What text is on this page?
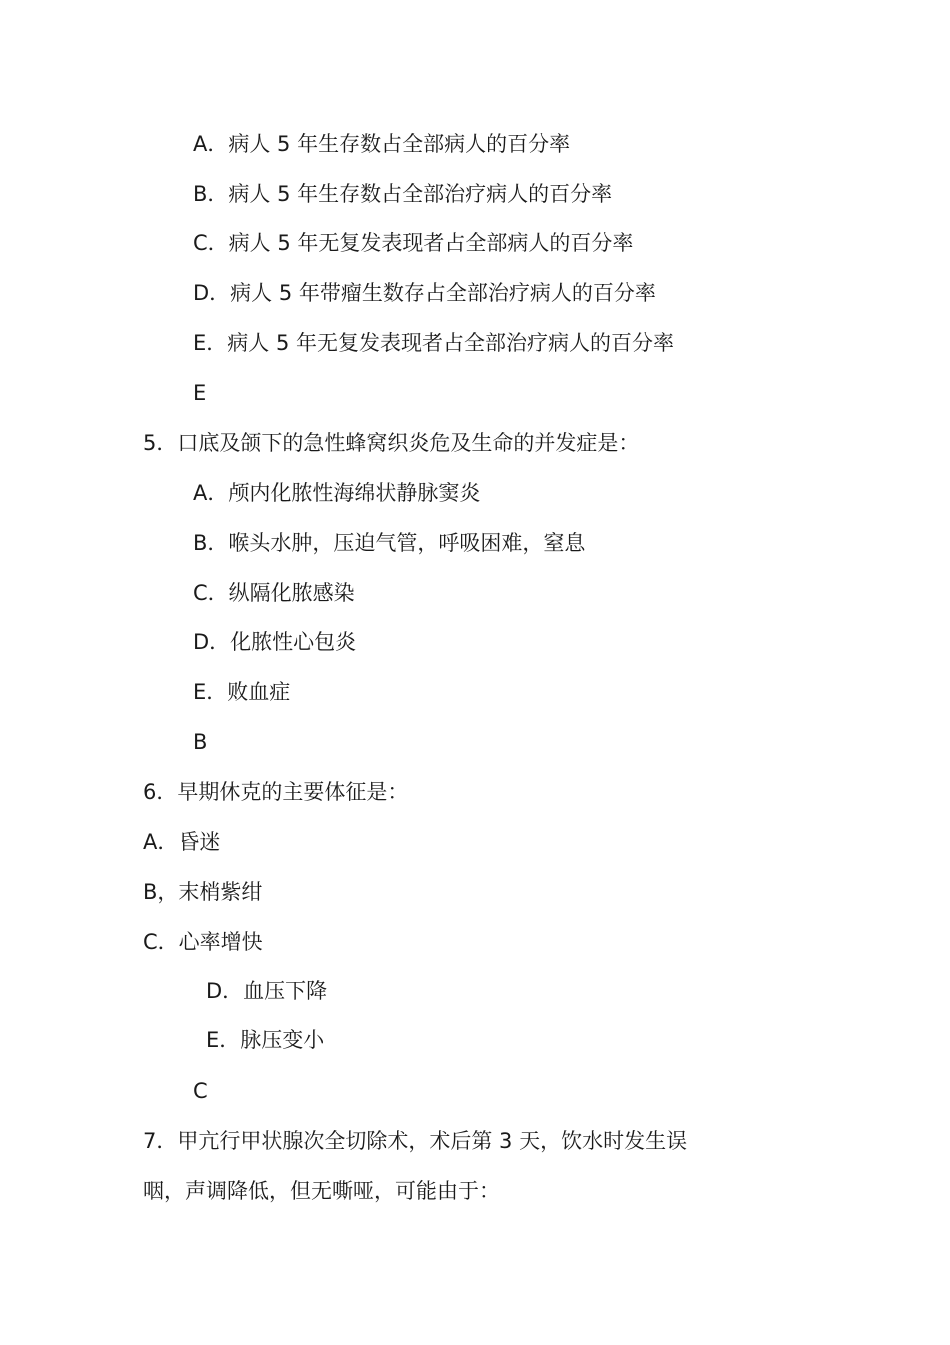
A．病人 5 年生存数占全部病人的百分率
B．病人 5 年生存数占全部治疗病人的百分率
C．病人 5 年无复发表现者占全部病人的百分率
D．病人 5 年带瘤生数存占全部治疗病人的百分率
E．病人 5 年无复发表现者占全部治疗病人的百分率
E
5．口底及颌下的急性蜂窝织炎危及生命的并发症是：
A．颅内化脓性海绵状静脉窦炎
B．喉头水肿，压迫气管，呼吸困难，窒息
C．纵隔化脓感染
D．化脓性心包炎
E．败血症
B
6．早期休克的主要体征是：
A．昏迷
B，末梢紫绀
C．心率增快
D．血压下降
E．脉压变小
C
7．甲亢行甲状腺次全切除术，术后第 3 天，饮水时发生误
咽，声调降低，但无嘶哑，可能由于：
